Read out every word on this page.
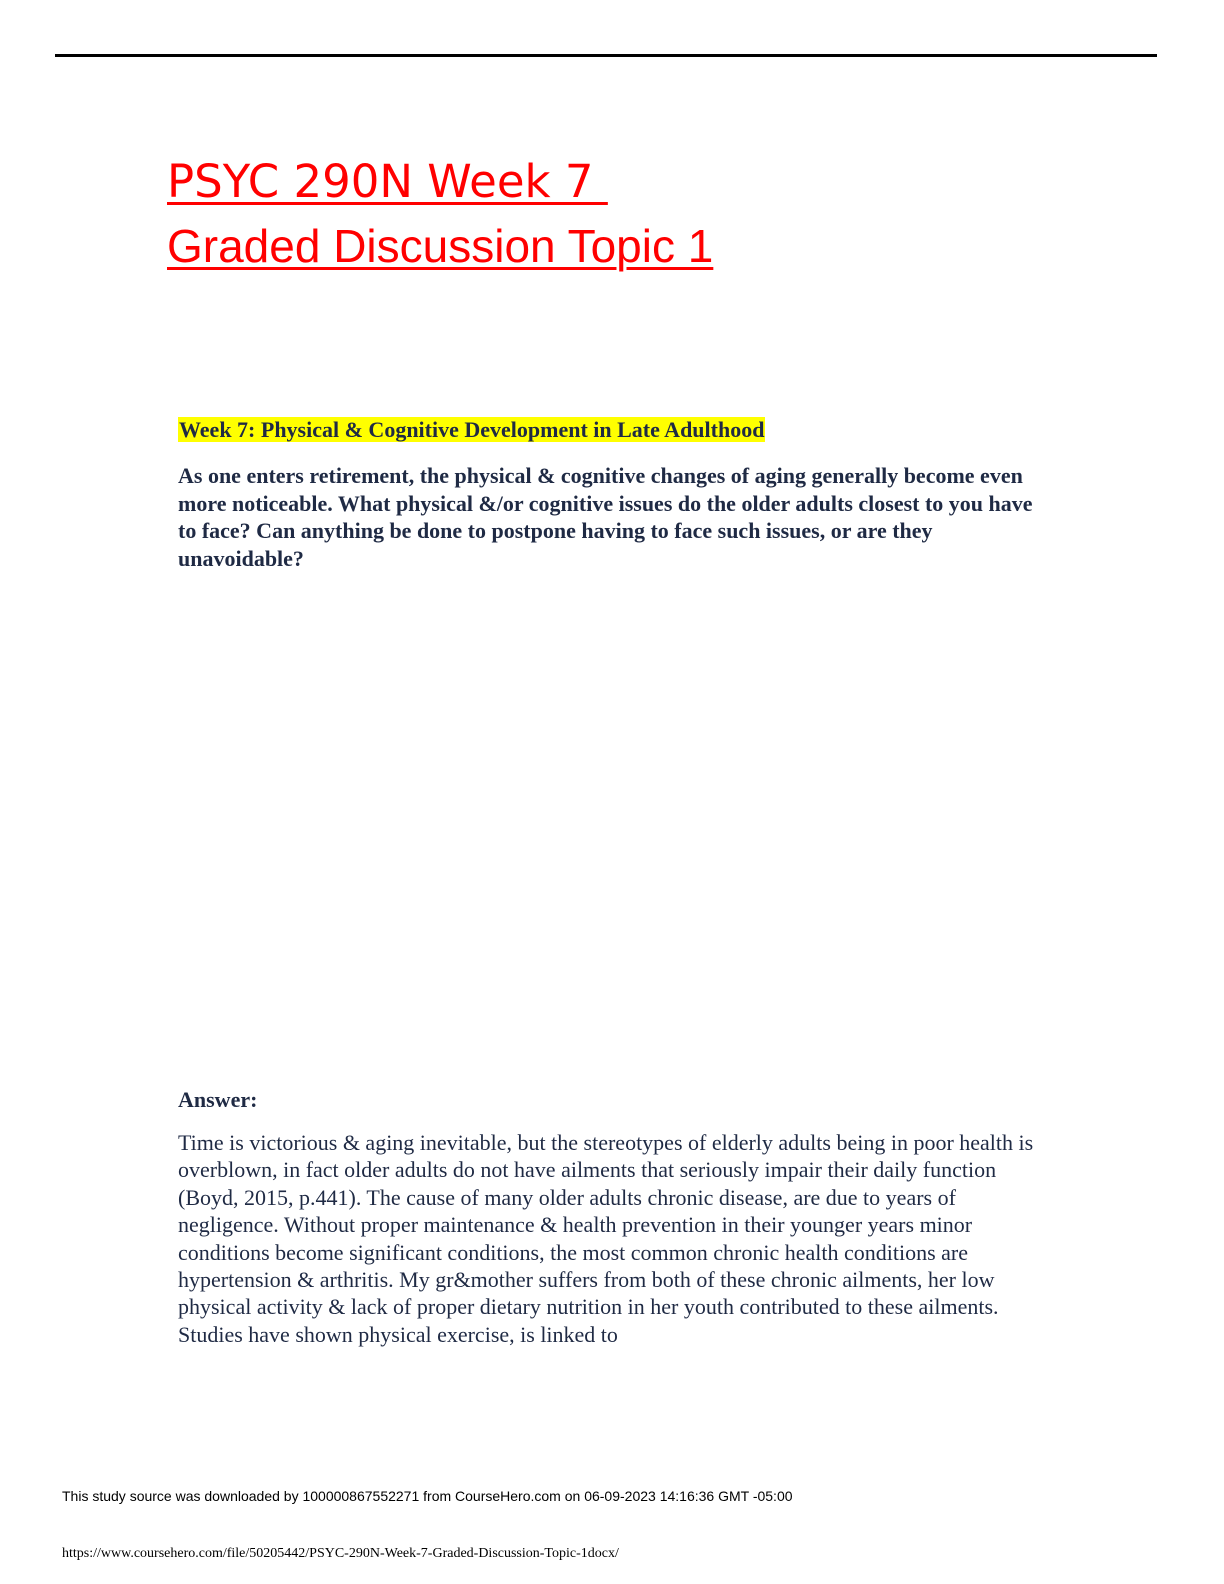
PSYC 290N Week 7
Graded Discussion Topic 1

Week 7: Physical & Cognitive Development in Late Adulthood

As one enters retirement, the physical & cognitive changes of aging generally become even more noticeable. What physical &/or cognitive issues do the older adults closest to you have to face? Can anything be done to postpone having to face such issues, or are they unavoidable?

Answer:

Time is victorious & aging inevitable, but the stereotypes of elderly adults being in poor health is overblown, in fact older adults do not have ailments that seriously impair their daily function (Boyd, 2015, p.441). The cause of many older adults chronic disease, are due to years of negligence. Without proper maintenance & health prevention in their younger years minor conditions become significant conditions, the most common chronic health conditions are hypertension & arthritis. My gr&mother suffers from both of these chronic ailments, her low physical activity & lack of proper dietary nutrition in her youth contributed to these ailments. Studies have shown physical exercise, is linked to

This study source was downloaded by 100000867552271 from CourseHero.com on 06-09-2023 14:16:36 GMT -05:00

https://www.coursehero.com/file/50205442/PSYC-290N-Week-7-Graded-Discussion-Topic-1docx/
